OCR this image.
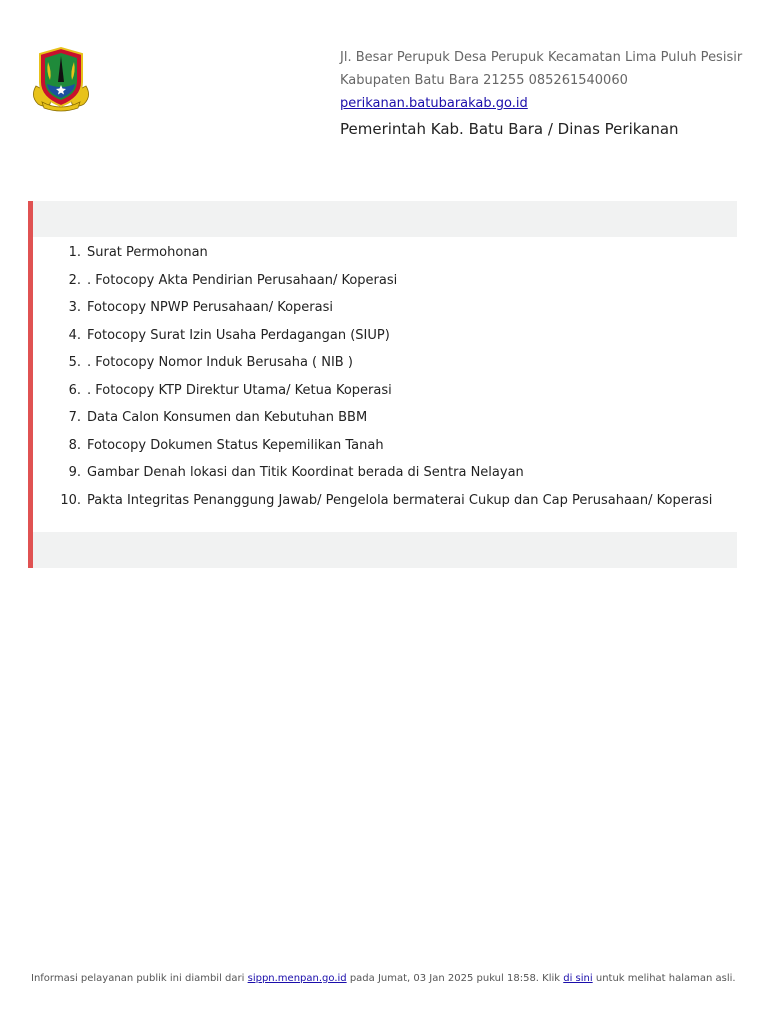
Jl. Besar Perupuk Desa Perupuk Kecamatan Lima Puluh Pesisir
Kabupaten Batu Bara 21255 085261540060
perikanan.batubarakab.go.id
Pemerintah Kab. Batu Bara / Dinas Perikanan
1. Surat Permohonan
2. . Fotocopy Akta Pendirian Perusahaan/ Koperasi
3. Fotocopy NPWP Perusahaan/ Koperasi
4. Fotocopy Surat Izin Usaha Perdagangan (SIUP)
5. . Fotocopy Nomor Induk Berusaha ( NIB )
6. . Fotocopy KTP Direktur Utama/ Ketua Koperasi
7. Data Calon Konsumen dan Kebutuhan BBM
8. Fotocopy Dokumen Status Kepemilikan Tanah
9. Gambar Denah lokasi dan Titik Koordinat berada di Sentra Nelayan
10. Pakta Integritas Penanggung Jawab/ Pengelola bermaterai Cukup dan Cap Perusahaan/ Koperasi
Informasi pelayanan publik ini diambil dari sippn.menpan.go.id pada Jumat, 03 Jan 2025 pukul 18:58. Klik di sini untuk melihat halaman asli.
